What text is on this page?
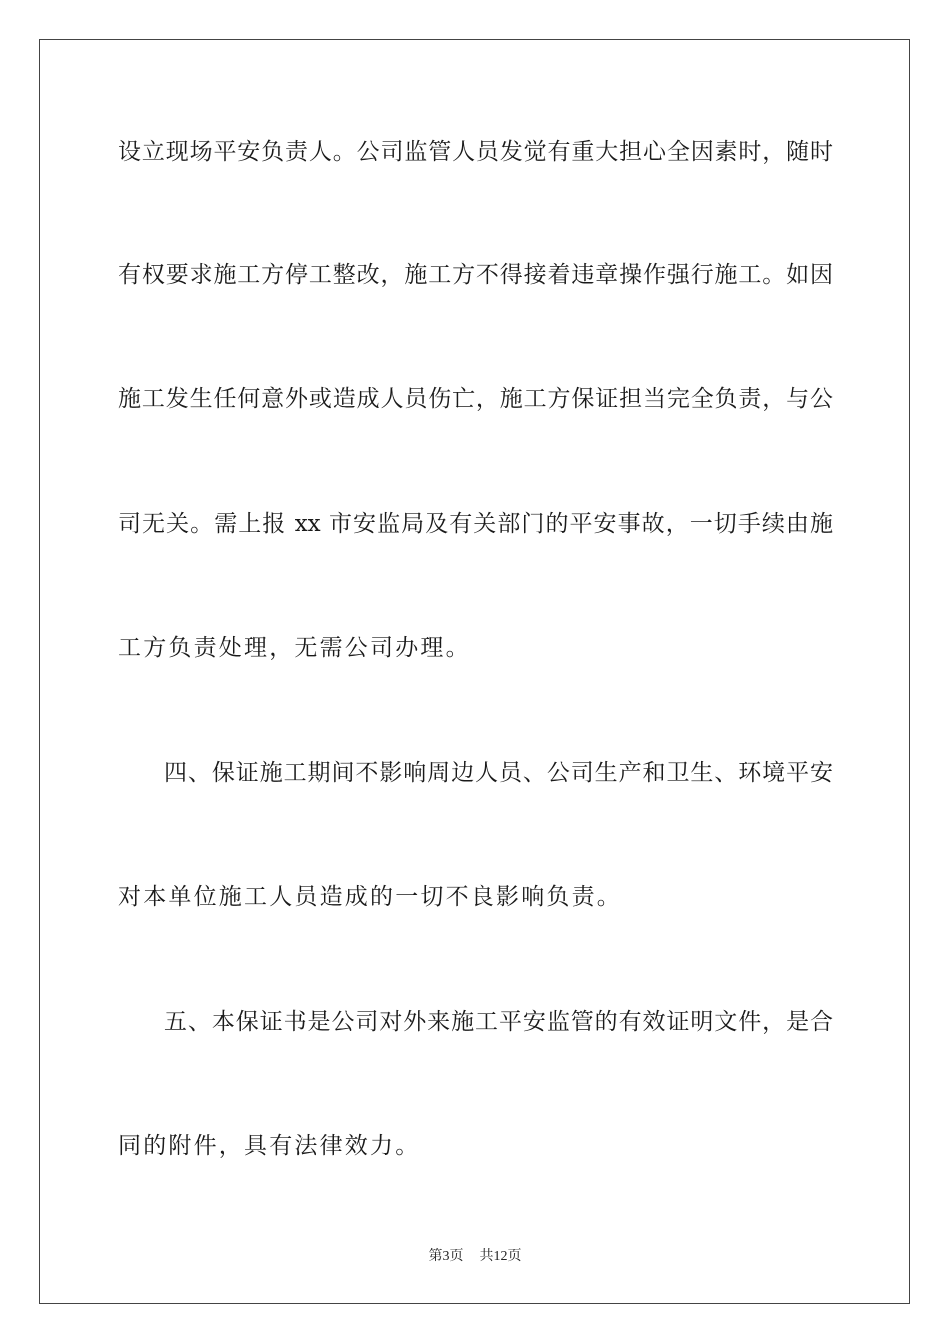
设立现场平安负责人。公司监管人员发觉有重大担心全因素时，随时
有权要求施工方停工整改，施工方不得接着违章操作强行施工。如因
施工发生任何意外或造成人员伤亡，施工方保证担当完全负责，与公
司无关。需上报 xx 市安监局及有关部门的平安事故，一切手续由施
工方负责处理，无需公司办理。
四、保证施工期间不影响周边人员、公司生产和卫生、环境平安
对本单位施工人员造成的一切不良影响负责。
五、本保证书是公司对外来施工平安监管的有效证明文件，是合
同的附件，具有法律效力。
第3页 共12页
